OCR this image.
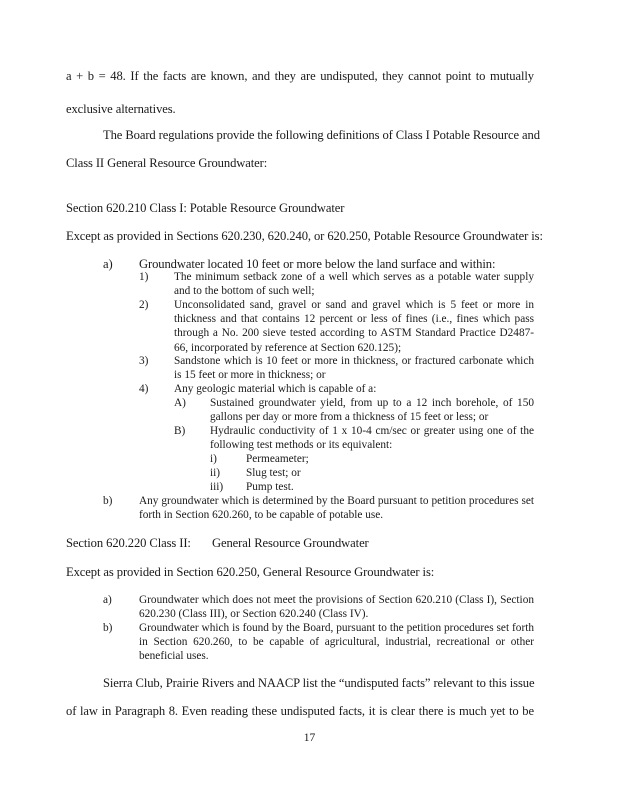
a + b = 48. If the facts are known, and they are undisputed, they cannot point to mutually
exclusive alternatives.
The Board regulations provide the following definitions of Class I Potable Resource and
Class II General Resource Groundwater:
Section 620.210 Class I: Potable Resource Groundwater
Except as provided in Sections 620.230, 620.240, or 620.250, Potable Resource Groundwater is:
a) Groundwater located 10 feet or more below the land surface and within:
1) The minimum setback zone of a well which serves as a potable water supply and to the bottom of such well;
2) Unconsolidated sand, gravel or sand and gravel which is 5 feet or more in thickness and that contains 12 percent or less of fines (i.e., fines which pass through a No. 200 sieve tested according to ASTM Standard Practice D2487-66, incorporated by reference at Section 620.125);
3) Sandstone which is 10 feet or more in thickness, or fractured carbonate which is 15 feet or more in thickness; or
4) Any geologic material which is capable of a:
A) Sustained groundwater yield, from up to a 12 inch borehole, of 150 gallons per day or more from a thickness of 15 feet or less; or
B) Hydraulic conductivity of 1 x 10-4 cm/sec or greater using one of the following test methods or its equivalent:
i)	Permeameter;
ii) Slug test; or
iii) Pump test.
b) Any groundwater which is determined by the Board pursuant to petition procedures set forth in Section 620.260, to be capable of potable use.
Section 620.220 Class II: General Resource Groundwater
Except as provided in Section 620.250, General Resource Groundwater is:
a) Groundwater which does not meet the provisions of Section 620.210 (Class I), Section 620.230 (Class III), or Section 620.240 (Class IV).
b) Groundwater which is found by the Board, pursuant to the petition procedures set forth in Section 620.260, to be capable of agricultural, industrial, recreational or other beneficial uses.
Sierra Club, Prairie Rivers and NAACP list the “undisputed facts” relevant to this issue
of law in Paragraph 8. Even reading these undisputed facts, it is clear there is much yet to be
17
